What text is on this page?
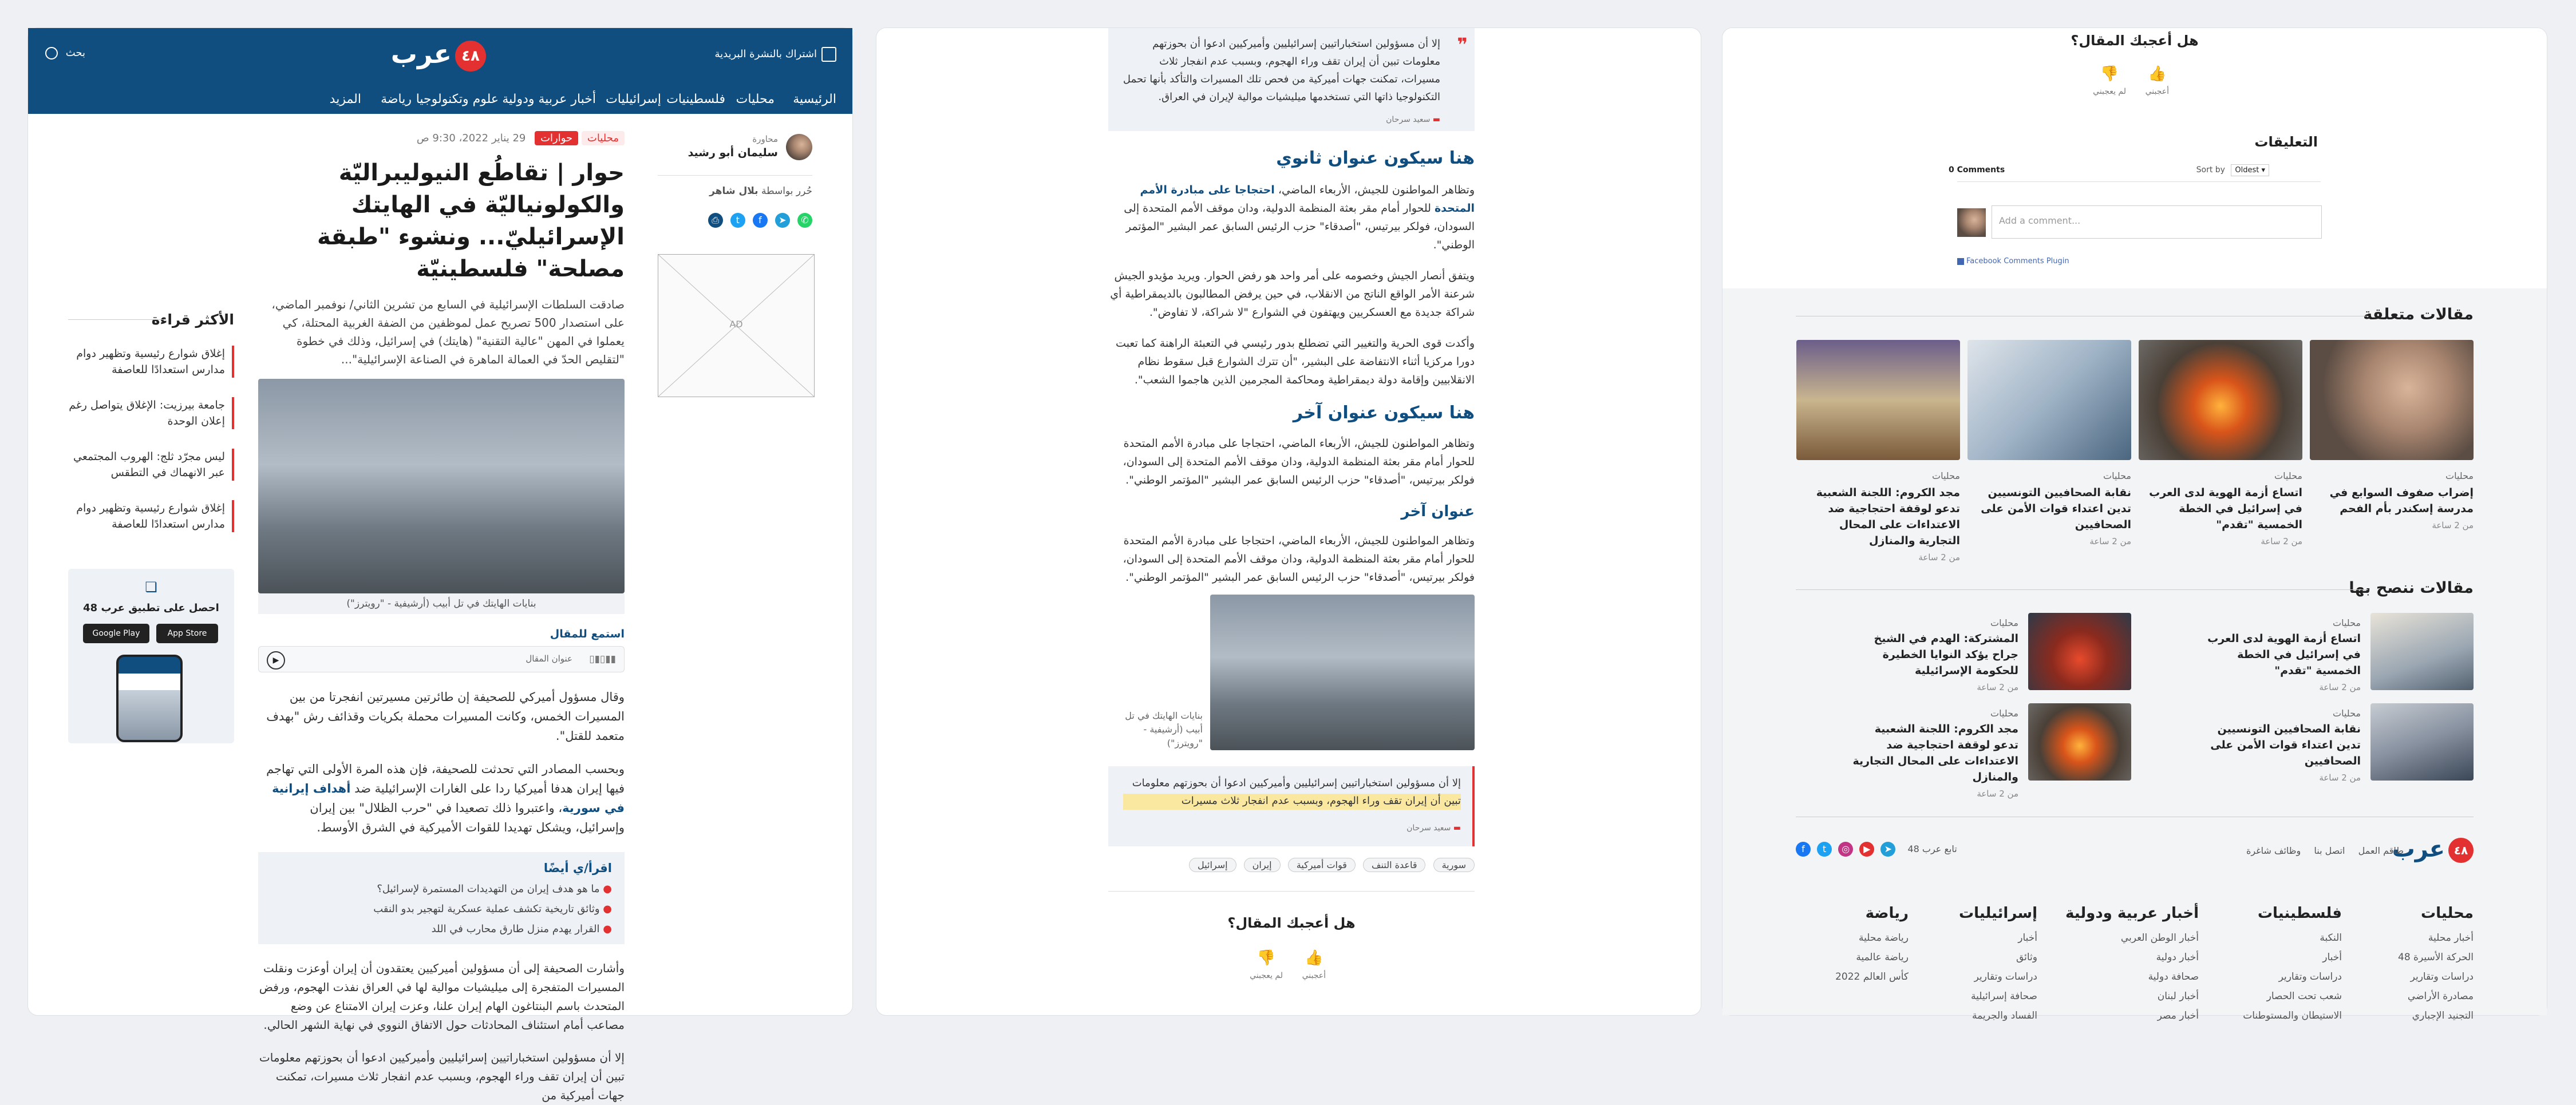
٤٨عرب	اشتراك بالنشرة البريدية
بحث
الرئيسية
محليات
فلسطينيات
إسرائيليات
أخبار عربية ودولية
علوم وتكنولوجيا
رياضة
المزيد
محاورة
سليمان أبو رشيد
حُرر بواسطة بلال شاهر
✆ ➤ f t ⎙
AD
محليات حوارات 29 يناير 2022، 9:30 ص
حوار | تقاطُع النيوليبراليّة والكولونياليّة في الهايتك الإسرائيليّ... ونشوء "طبقة مصلحة" فلسطينيّة
صادقت السلطات الإسرائيلية في السابع من تشرين الثاني/ نوفمبر الماضي، على استصدار 500 تصريح عمل لموظفين من الضفة الغربية المحتلة، كي يعملوا في المهن "عالية التقنية" (هايتك) في إسرائيل، وذلك في خطوة "لتقليص الحدّ في العمالة الماهرة في الصناعة الإسرائيلية"...
بنايات الهايتك في تل أبيب (أرشيفية - "رويترز")
استمع للمقال
▮▮▯▮▯
عنوان المقال
▶
وقال مسؤول أميركي للصحيفة إن طائرتين مسيرتين انفجرتا من بين المسيرات الخمس، وكانت المسيرات محملة بكريات وقذائف رش "بهدف متعمد للقتل".
وبحسب المصادر التي تحدثت للصحيفة، فإن هذه المرة الأولى التي تهاجم فيها إيران هدفا أميركيا ردا على الغارات الإسرائيلية ضد أهداف إيرانية في سورية، واعتبروا ذلك تصعيدا في "حرب الظلال" بين إيران وإسرائيل، ويشكل تهديدا للقوات الأميركية في الشرق الأوسط.
اقرأ/ي أيضًا
● ما هو هدف إيران من التهديدات المستمرة لإسرائيل؟
● وثائق تاريخية تكشف عملية عسكرية لتهجير بدو النقب
● القرار يهدم منزل طارق محارب في اللد
وأشارت الصحيفة إلى أن مسؤولين أميركيين يعتقدون أن إيران أوعزت ونقلت المسيرات المتفجرة إلى ميليشيات موالية لها في العراق نفذت الهجوم، ورفض المتحدث باسم البنتاغون الهام إيران علنا، وعزت إيران الامتناع عن وضع مصاعب أمام استئناف المحادثات حول الاتفاق النووي في نهاية الشهر الحالي.
إلا أن مسؤولين استخباراتيين إسرائيليين وأميركيين ادعوا أن بحوزتهم معلومات تبين أن إيران تقف وراء الهجوم، وبسبب عدم انفجار ثلاث مسيرات، تمكنت جهات أميركية من
الأكثر قراءة
إغلاق شوارع رئيسية وتظهير دوام مدارس استعدادًا للعاصفة
جامعة بيرزيت: الإغلاق يتواصل رغم إعلان الوحدة
ليس مجرّد ثلج: الهروب المجتمعي عبر الانهماك في التطقس
إغلاق شوارع رئيسية وتظهير دوام مدارس استعدادًا للعاصفة
❏
احصل على تطبيق عرب 48
App Store
Google Play
❞
إلا أن مسؤولين استخباراتيين إسرائيليين وأميركيين ادعوا أن بحوزتهم معلومات تبين أن إيران تقف وراء الهجوم، وبسبب عدم انفجار ثلاث مسيرات، تمكنت جهات أميركية من فحص تلك المسيرات والتأكد بأنها تحمل التكنولوجيا ذاتها التي تستخدمها ميليشيات موالية لإيران في العراق.
▬ سعيد سرحان
هنا سيكون عنوان ثانوي
وتظاهر المواطنون للجيش، الأربعاء الماضي، احتجاجا على مبادرة الأمم المتحدة للحوار أمام مقر بعثة المنظمة الدولية، ودان موقف الأمم المتحدة إلى السودان، فولكر بيرتيس، "أصدقاء" حزب الرئيس السابق عمر البشير "المؤتمر الوطني".
ويتفق أنصار الجيش وخصومه على أمر واحد هو رفض الحوار. ويريد مؤيدو الجيش شرعنة الأمر الواقع الناتج من الانقلاب، في حين يرفض المطالبون بالديمقراطية أي شراكة جديدة مع العسكريين ويهتفون في الشوارع "لا شراكة، لا تفاوض".
وأكدت قوى الحرية والتغيير التي تضطلع بدور رئيسي في التعبئة الراهنة كما تعبت دورا مركزيا أثناء الانتفاضة على البشير، "أن تترك الشوارع قبل سقوط نظام الانقلابيين وإقامة دولة ديمقراطية ومحاكمة المجرمين الذين هاجموا الشعب".
هنا سيكون عنوان آخر
وتظاهر المواطنون للجيش، الأربعاء الماضي، احتجاجا على مبادرة الأمم المتحدة للحوار أمام مقر بعثة المنظمة الدولية، ودان موقف الأمم المتحدة إلى السودان، فولكر بيرتيس، "أصدقاء" حزب الرئيس السابق عمر البشير "المؤتمر الوطني".
عنوان آخر
وتظاهر المواطنون للجيش، الأربعاء الماضي، احتجاجا على مبادرة الأمم المتحدة للحوار أمام مقر بعثة المنظمة الدولية، ودان موقف الأمم المتحدة إلى السودان، فولكر بيرتيس، "أصدقاء" حزب الرئيس السابق عمر البشير "المؤتمر الوطني".
بنايات الهايتك في تل أبيب (أرشيفية - "رويترز")
إلا أن مسؤولين استخباراتيين إسرائيليين وأميركيين ادعوا أن بحوزتهم معلومات تبين أن إيران تقف وراء الهجوم، وبسبب عدم انفجار ثلاث مسيرات
▬ سعيد سرحان
سورية قاعدة التنف قوات أميركية إيران إسرائيل
هل أعجبك المقال؟
👍
أعجبني
👎
لم يعجبني
هل أعجبك المقال؟
👍
أعجبني
👎
لم يعجبني
التعليقات
0 Comments	Sort by Oldest ▾
Add a comment...
Facebook Comments Plugin
مقالات متعلقة
محليات
إضراب صفوف السوابع في مدرسة إسكندر بأم الفحم
من 2 ساعة
محليات
اتساع أزمة الهوية لدى العرب في إسرائيل في الخطة الخمسية "تقدم"
من 2 ساعة
محليات
نقابة الصحافيين التونسيين تدين اعتداء قوات الأمن على الصحافيين
من 2 ساعة
محليات
مجد الكروم: اللجنة الشعبية تدعو لوقفة احتجاجية ضد الاعتداءات على المحال التجارية والمنازل
من 2 ساعة
مقالات ننصح بها
محليات
اتساع أزمة الهوية لدى العرب في إسرائيل في الخطة الخمسية "تقدم"
من 2 ساعة
محليات
المشتركة: الهدم في الشيخ جراح يؤكد النوايا الخطيرة للحكومة الإسرائيلية
من 2 ساعة
محليات
نقابة الصحافيين التونسيين تدين اعتداء قوات الأمن على الصحافيين
من 2 ساعة
محليات
مجد الكروم: اللجنة الشعبية تدعو لوقفة احتجاجية ضد الاعتداءات على المحال التجارية والمنازل
من 2 ساعة
٤٨عرب
طاقم العمل اتصل بنا وظائف شاغرة
تابع عرب 48 ➤ ▶ ◎ t f
محليات
أخبار محلية
الحركة الأسيرة 48
دراسات وتقارير
مصادرة الأراضي
التجنيد الإجباري
فلسطينيات
النكبة
أخبار
دراسات وتقارير
شعب تحت الحصار
الاستيطان والمستوطنات
أخبار عربية ودولية
أخبار الوطن العربي
أخبار دولية
صحافة دولية
أخبار لبنان
أخبار مصر
إسرائيليات
أخبار
وثائق
دراسات وتقارير
صحافة إسرائيلية
الفساد والجريمة
رياضة
رياضة محلية
رياضة عالمية
كأس العالم 2022
